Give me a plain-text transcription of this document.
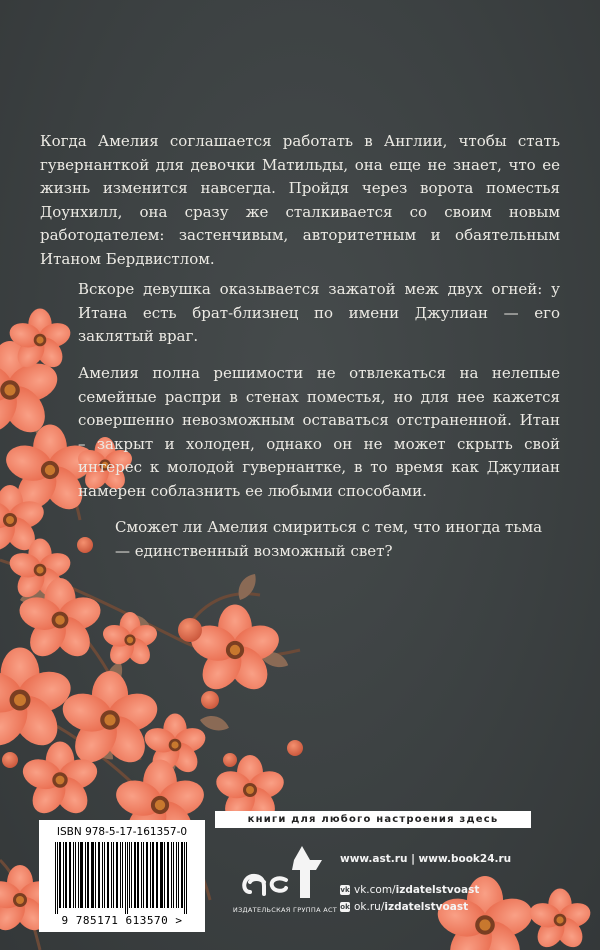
Когда Амелия соглашается работать в Англии, чтобы стать гувернанткой для девочки Матильды, она еще не знает, что ее жизнь изменится навсегда. Пройдя через ворота поместья Доунхилл, она сразу же сталкивается со своим новым работодателем: застенчивым, авторитетным и обаятельным Итаном Бердвистлом.

Вскоре девушка оказывается зажатой меж двух огней: у Итана есть брат-близнец по имени Джулиан — его заклятый враг.

Амелия полна решимости не отвлекаться на нелепые семейные распри в стенах поместья, но для нее кажется совершенно невозможным оставаться отстраненной. Итан – закрыт и холоден, однако он не может скрыть свой интерес к молодой гувернантке, в то время как Джулиан намерен соблазнить ее любыми способами.

Сможет ли Амелия смириться с тем, что иногда тьма — единственный возможный свет?

книги для любого настроения здесь
ISBN 978-5-17-161357-0
9 785171 613570 >
ИЗДАТЕЛЬСКАЯ ГРУППА АСТ
www.ast.ru | www.book24.ru
vk vk.com/ izdatelstvoast
ok ok.ru/ izdatelstvoast
